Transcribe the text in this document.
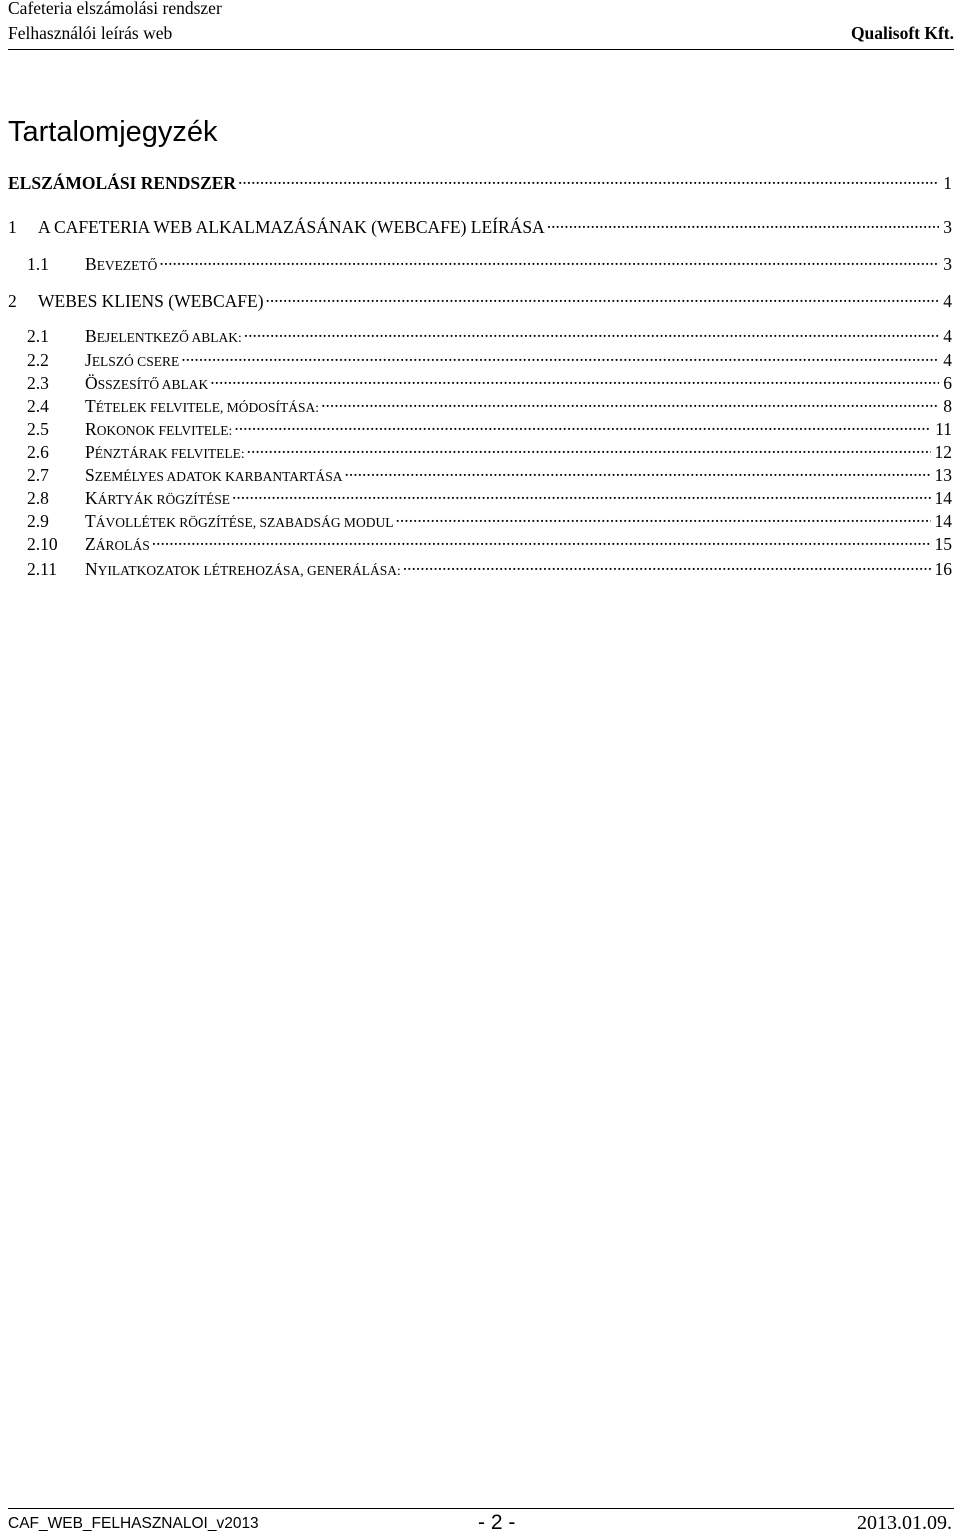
Cafeteria elszámolási rendszer
Felhasználói leírás web	Qualisoft Kft.
Tartalomjegyzék
ELSZÁMOLÁSI RENDSZER .....	1
1	A CAFETERIA WEB ALKALMAZÁSÁNAK (WEBCAFE) LEÍRÁSA .....	3
1.1	BEVEZETŐ .....	3
2	WEBES KLIENS (WEBCAFE) .....	4
2.1	BEJELENTKEZŐ ABLAK: .....	4
2.2	JELSZÓ CSERE .....	4
2.3	ÖSSZESÍTŐ ABLAK .....	6
2.4	TÉTELEK FELVITELE, MÓDOSÍTÁSA: .....	8
2.5	ROKONOK FELVITELE: .....	11
2.6	PÉNZTÁRAK FELVITELE: .....	12
2.7	SZEMÉLYES ADATOK KARBANTARTÁSA .....	13
2.8	KÁRTYÁK RÖGZÍTÉSE .....	14
2.9	TÁVOLLÉTEK RÖGZÍTÉSE, SZABADSÁG MODUL .....	14
2.10	ZÁROLÁS .....	15
2.11	NYILATKOZATOK LÉTREHOZÁSA, GENERÁLÁSA: .....	16
CAF_WEB_FELHASZNALOI_v2013	- 2 -	2013.01.09.
